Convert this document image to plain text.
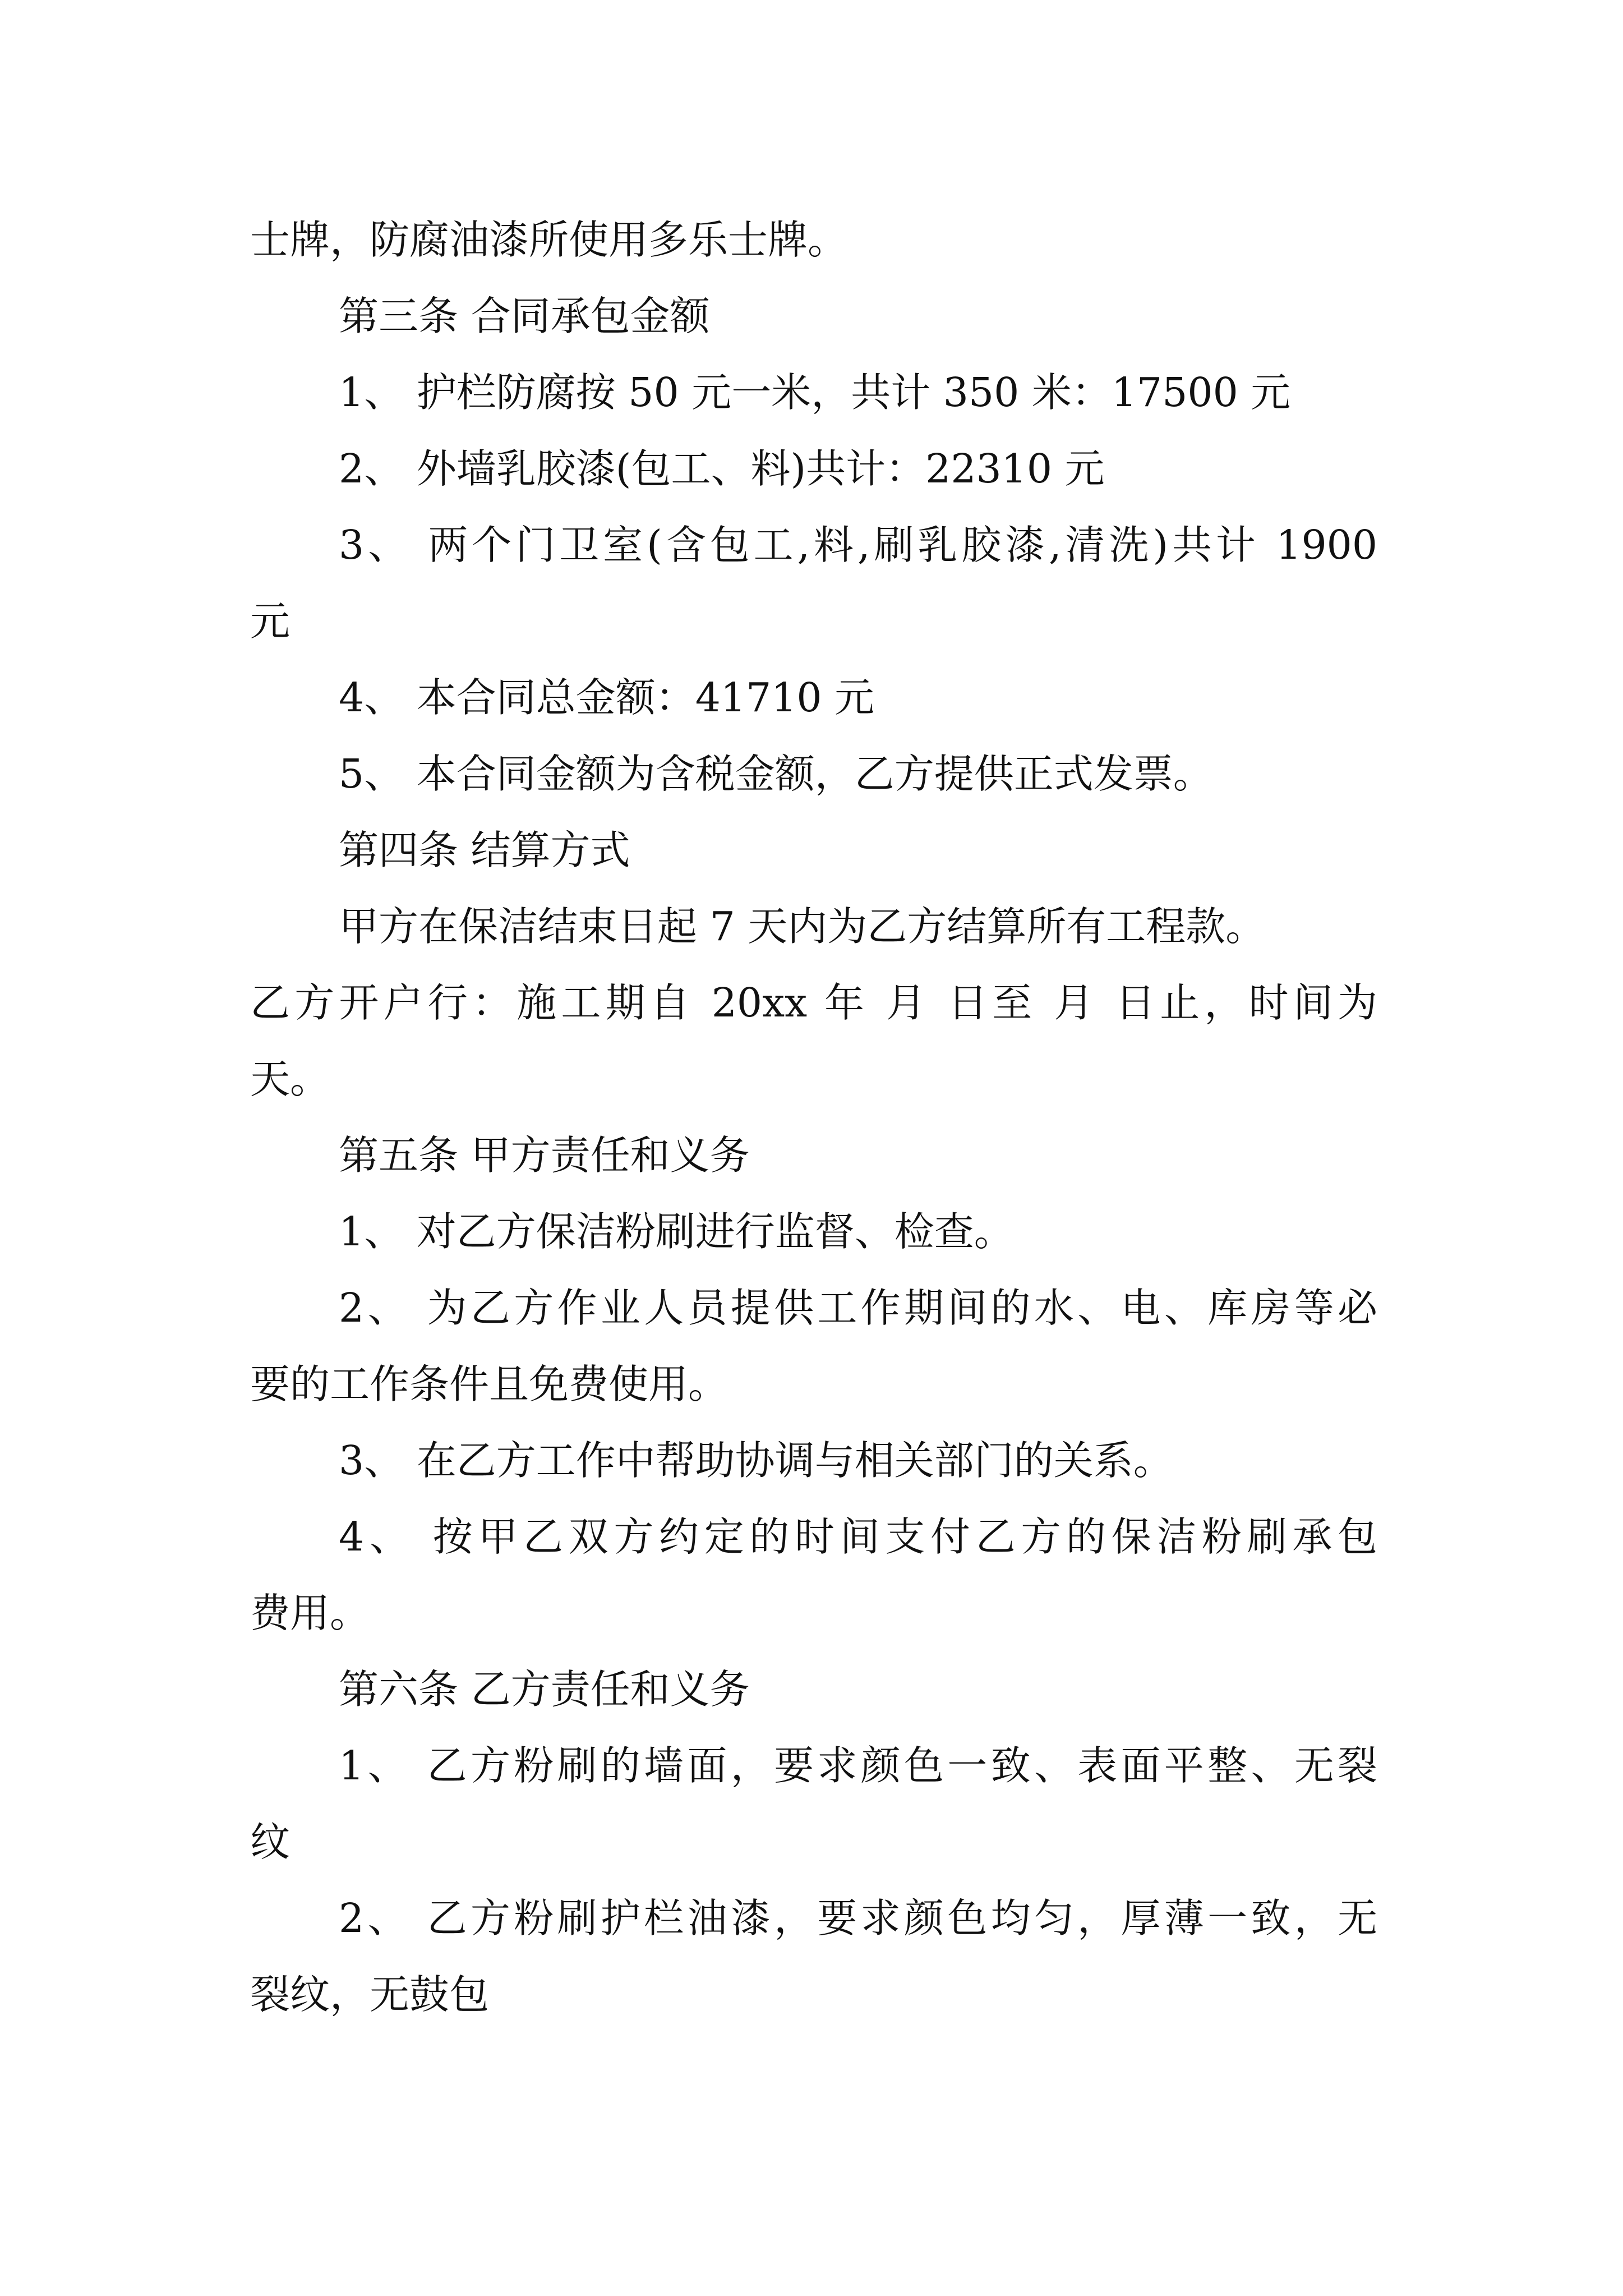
士牌，防腐油漆所使用多乐士牌。
第三条 合同承包金额
1、 护栏防腐按 50 元一米，共计 350 米：17500 元
2、 外墙乳胶漆(包工、料)共计：22310 元
3、 两个门卫室(含包工,料,刷乳胶漆,清洗)共计 1900
元
4、 本合同总金额：41710 元
5、 本合同金额为含税金额，乙方提供正式发票。
第四条 结算方式
甲方在保洁结束日起 7 天内为乙方结算所有工程款。
乙方开户行：施工期自 20xx 年 月 日至 月 日止，时间为
天。
第五条 甲方责任和义务
1、 对乙方保洁粉刷进行监督、检查。
2、 为乙方作业人员提供工作期间的水、电、库房等必
要的工作条件且免费使用。
3、 在乙方工作中帮助协调与相关部门的关系。
4、 按甲乙双方约定的时间支付乙方的保洁粉刷承包
费用。
第六条 乙方责任和义务
1、 乙方粉刷的墙面，要求颜色一致、表面平整、无裂
纹
2、 乙方粉刷护栏油漆，要求颜色均匀，厚薄一致，无
裂纹，无鼓包
